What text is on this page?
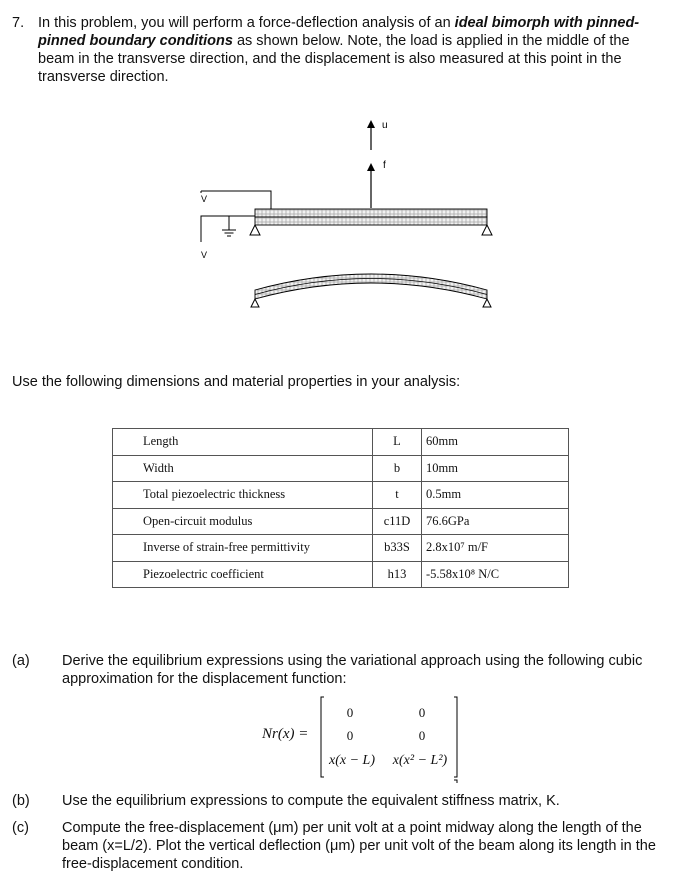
7. In this problem, you will perform a force-deflection analysis of an ideal bimorph with pinned-pinned boundary conditions as shown below. Note, the load is applied in the middle of the beam in the transverse direction, and the displacement is also measured at this point in the transverse direction.
u
f
V
V
Use the following dimensions and material properties in your analysis:
Length	L	60mm
Width	b	10mm
Total piezoelectric thickness	t	0.5mm
Open-circuit modulus	c11D	76.6GPa
Inverse of strain-free permittivity	b33S	2.8x10⁷ m/F
Piezoelectric coefficient	h13	-5.58x10⁸ N/C
(a) Derive the equilibrium expressions using the variational approach using the following cubic approximation for the displacement function:
Nr(x) =
0	0
0	0
x(x − L)	x(x² − L²)
(b) Use the equilibrium expressions to compute the equivalent stiffness matrix, K.
(c) Compute the free-displacement (μm) per unit volt at a point midway along the length of the beam (x=L/2). Plot the vertical deflection (μm) per unit volt of the beam along its length in the free-displacement condition.
